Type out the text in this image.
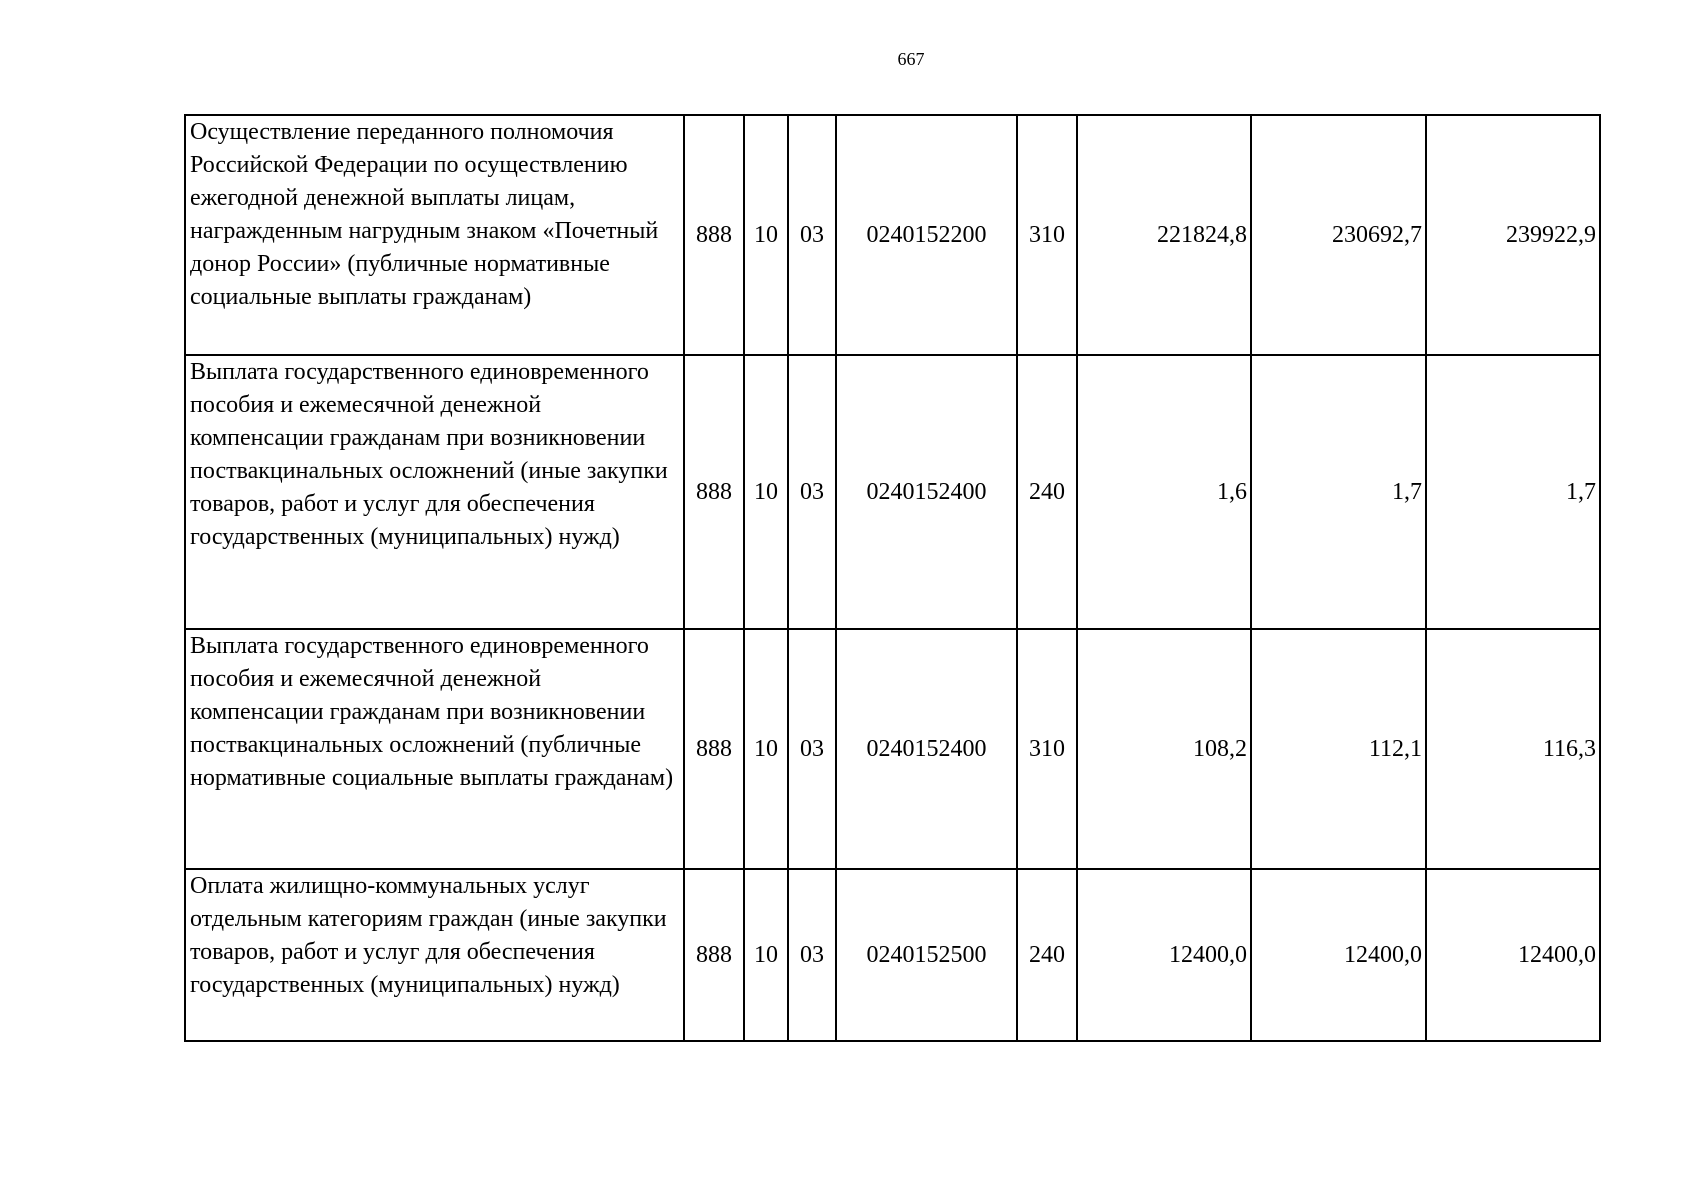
667
Осуществление переданного полномочия Российской Федерации по осуществлению ежегодной денежной выплаты лицам, награжденным нагрудным знаком «Почетный донор России» (публичные нормативные социальные выплаты гражданам)	888	10	03	0240152200	310	221824,8	230692,7	239922,9
Выплата государственного единовременного пособия и ежемесячной денежной компенсации гражданам при возникновении поствакцинальных осложнений (иные закупки товаров, работ и услуг для обеспечения государственных (муниципальных) нужд)	888	10	03	0240152400	240	1,6	1,7	1,7
Выплата государственного единовременного пособия и ежемесячной денежной компенсации гражданам при возникновении поствакцинальных осложнений (публичные нормативные социальные выплаты гражданам)	888	10	03	0240152400	310	108,2	112,1	116,3
Оплата жилищно-коммунальных услуг отдельным категориям граждан (иные закупки товаров, работ и услуг для обеспечения государственных (муниципальных) нужд)	888	10	03	0240152500	240	12400,0	12400,0	12400,0
